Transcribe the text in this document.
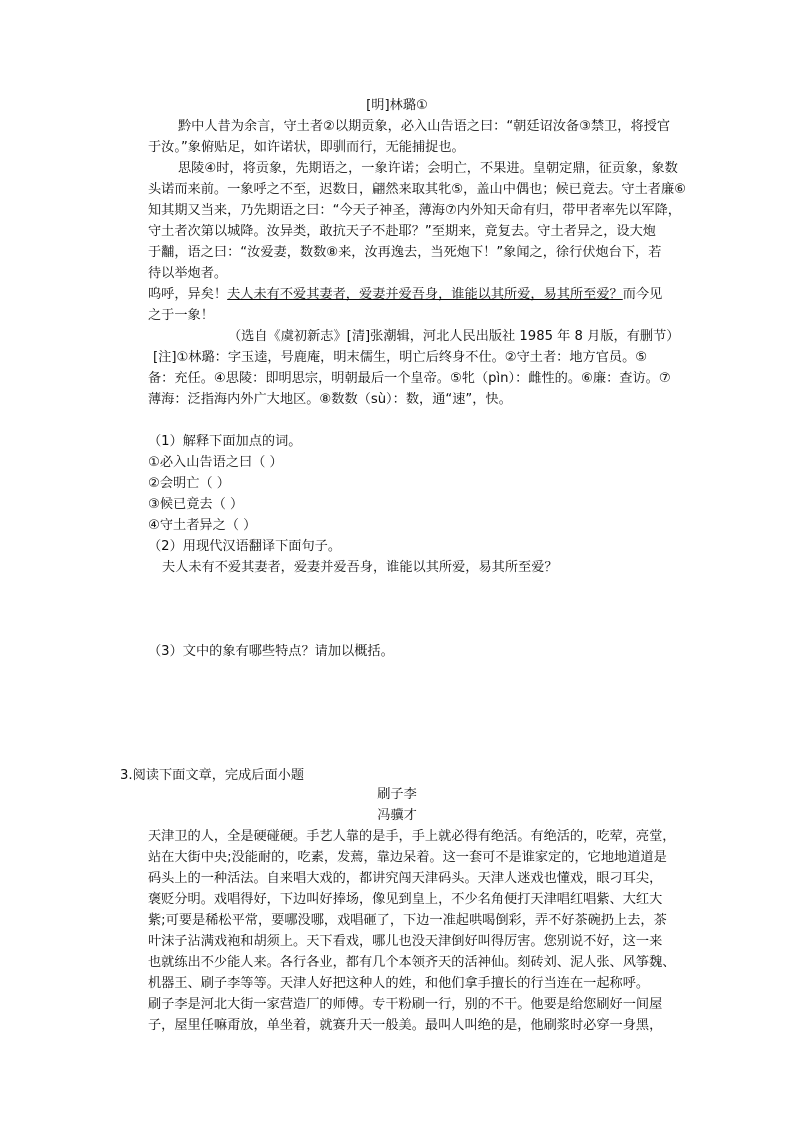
[明]林璐①
黔中人昔为余言，守土者②以期贡象，必入山告语之曰：“朝廷诏汝备③禁卫，将授官
于汝。”象俯贴足，如许诺状，即驯而行，无能捕捉也。
思陵④时，将贡象，先期语之，一象许诺；会明亡，不果进。皇朝定鼎，征贡象，象数
头诺而来前。一象呼之不至，迟数日，翩然来取其牝⑤，盖山中偶也；候已竟去。守土者廉⑥
知其期又当来，乃先期语之曰：“今天子神圣，薄海⑦内外知天命有归，带甲者率先以军降，
守土者次第以城降。汝异类，敢抗天子不赴耶？”至期来，竟复去。守土者异之，设大炮
于黼，语之曰：“汝爱妻，数数⑧来，汝再逸去，当死炮下！”象闻之，徐行伏炮台下，若
待以举炮者。
呜呼，异矣！夫人未有不爱其妻者，爱妻并爱吾身，谁能以其所爱，易其所至爱？而今见
之于一象！
（选自《虞初新志》[清]张潮辑，河北人民出版社 1985 年 8 月版，有删节）
[注]①林璐：字玉逵，号鹿庵，明末儒生，明亡后终身不仕。②守土者：地方官员。⑤
备：充任。④思陵：即明思宗，明朝最后一个皇帝。⑤牝（pìn）：雌性的。⑥廉：查访。⑦
薄海：泛指海内外广大地区。⑧数数（sù）：数，通“速”，快。
（1）解释下面加点的词。
①必入山告语之曰（ ）
②会明亡（ ）
③候已竟去（ ）
④守土者异之（ ）
（2）用现代汉语翻译下面句子。
夫人未有不爱其妻者，爱妻并爱吾身，谁能以其所爱，易其所至爱？
（3）文中的象有哪些特点？请加以概括。
3.阅读下面文章，完成后面小题
刷子李
冯骥才
天津卫的人，全是硬碰硬。手艺人靠的是手，手上就必得有绝活。有绝活的，吃荤，亮堂，
站在大街中央;没能耐的，吃素，发蔫，靠边呆着。这一套可不是谁家定的，它地地道道是
码头上的一种活法。自来唱大戏的，都讲究闯天津码头。天津人迷戏也懂戏，眼刁耳尖，
褒贬分明。戏唱得好，下边叫好捧场，像见到皇上，不少名角便打天津唱红唱紫、大红大
紫;可要是稀松平常，要哪没哪，戏唱砸了，下边一准起哄喝倒彩，弄不好茶碗扔上去，茶
叶沫子沾满戏袍和胡须上。天下看戏，哪儿也没天津倒好叫得厉害。您别说不好，这一来
也就练出不少能人来。各行各业，都有几个本领齐天的活神仙。刻砖刘、泥人张、风筝魏、
机器王、刷子李等等。天津人好把这种人的姓，和他们拿手擅长的行当连在一起称呼。
刷子李是河北大街一家营造厂的师傅。专干粉刷一行，别的不干。他要是给您刷好一间屋
子，屋里任嘛甭放，单坐着，就赛升天一般美。最叫人叫绝的是，他刷浆时必穿一身黑，
